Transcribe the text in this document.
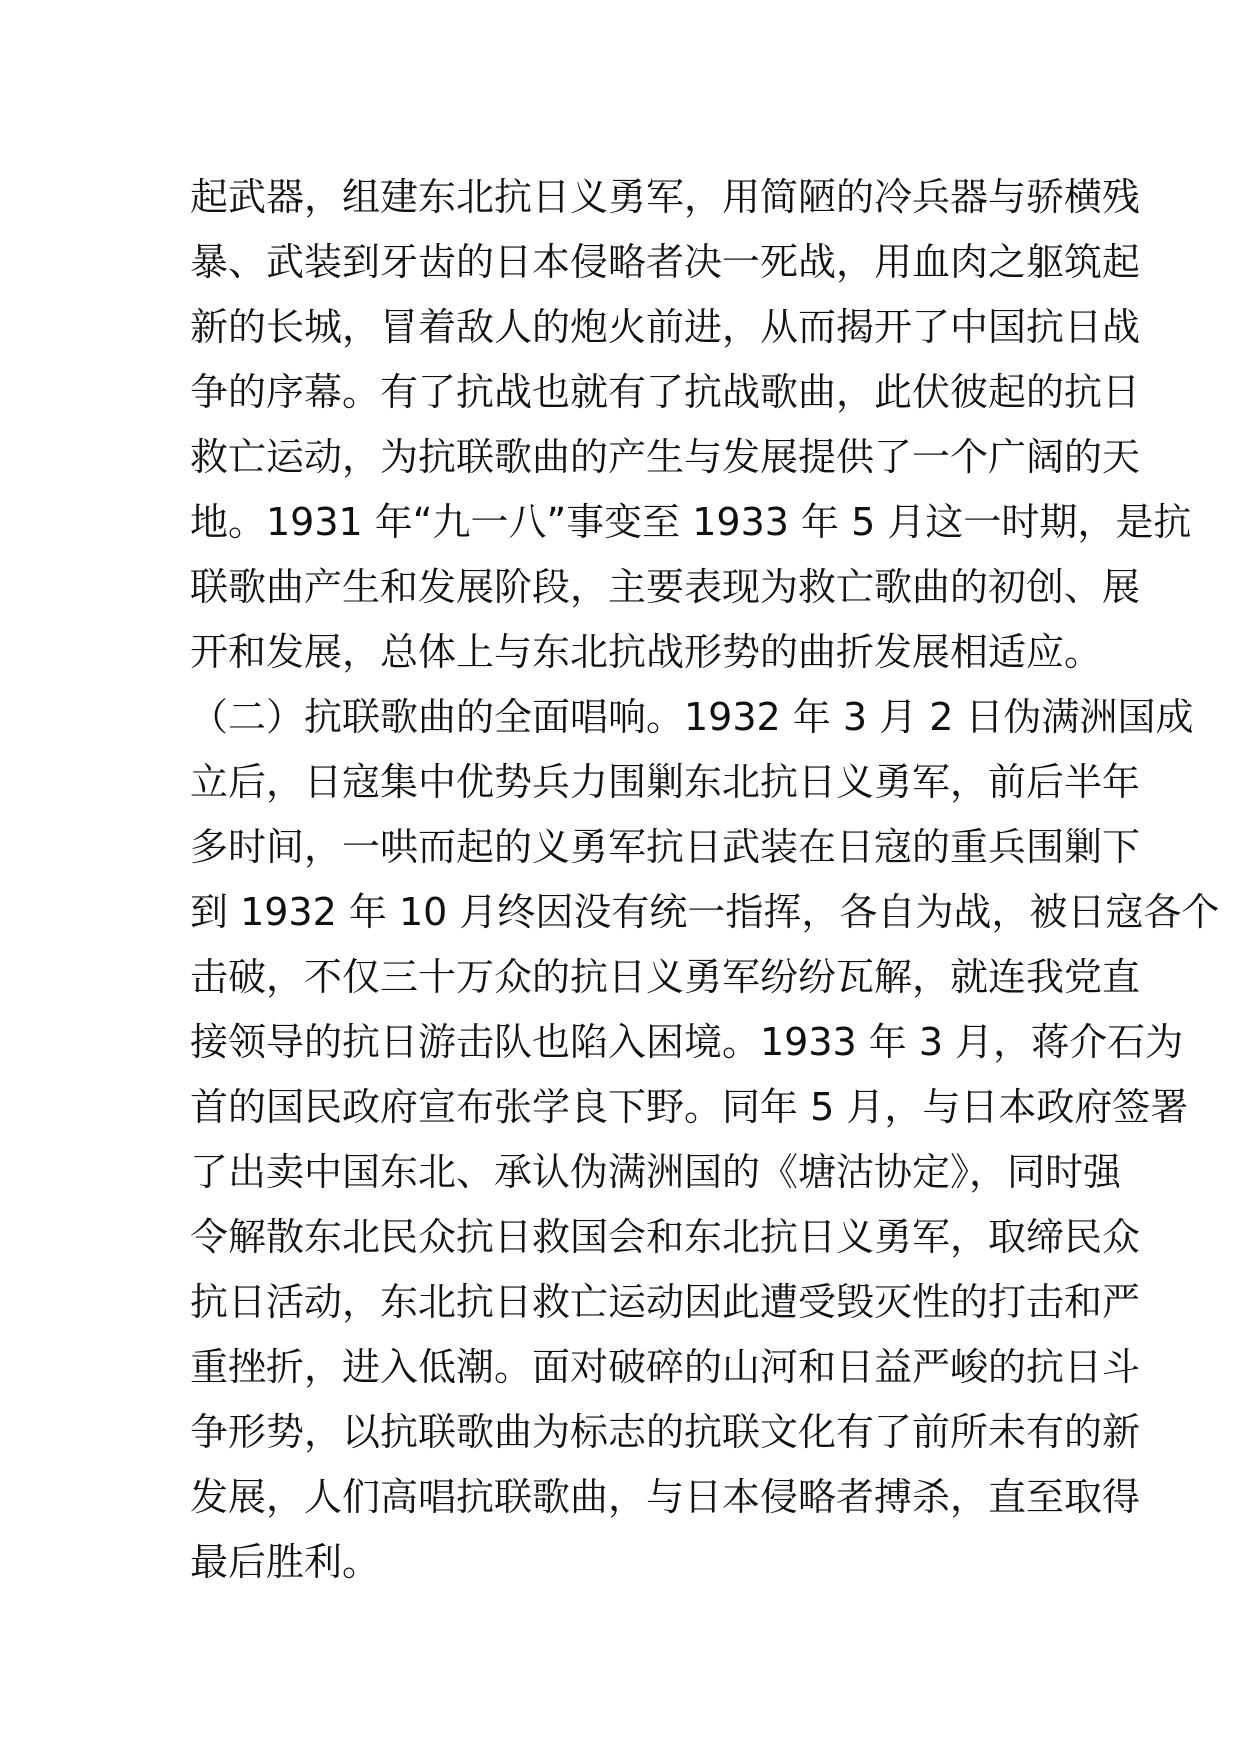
起武器，组建东北抗日义勇军，用简陋的冷兵器与骄横残
暴、武装到牙齿的日本侵略者决一死战，用血肉之躯筑起
新的长城，冒着敌人的炮火前进，从而揭开了中国抗日战
争的序幕。有了抗战也就有了抗战歌曲，此伏彼起的抗日
救亡运动，为抗联歌曲的产生与发展提供了一个广阔的天
地。1931 年“九一八”事变至 1933 年 5 月这一时期，是抗
联歌曲产生和发展阶段，主要表现为救亡歌曲的初创、展
开和发展，总体上与东北抗战形势的曲折发展相适应。
（二）抗联歌曲的全面唱响。1932 年 3 月 2 日伪满洲国成
立后，日寇集中优势兵力围剿东北抗日义勇军，前后半年
多时间，一哄而起的义勇军抗日武装在日寇的重兵围剿下
到 1932 年 10 月终因没有统一指挥，各自为战，被日寇各个
击破，不仅三十万众的抗日义勇军纷纷瓦解，就连我党直
接领导的抗日游击队也陷入困境。1933 年 3 月，蒋介石为
首的国民政府宣布张学良下野。同年 5 月，与日本政府签署
了出卖中国东北、承认伪满洲国的《塘沽协定》，同时强
令解散东北民众抗日救国会和东北抗日义勇军，取缔民众
抗日活动，东北抗日救亡运动因此遭受毁灭性的打击和严
重挫折，进入低潮。面对破碎的山河和日益严峻的抗日斗
争形势，以抗联歌曲为标志的抗联文化有了前所未有的新
发展，人们高唱抗联歌曲，与日本侵略者搏杀，直至取得
最后胜利。
